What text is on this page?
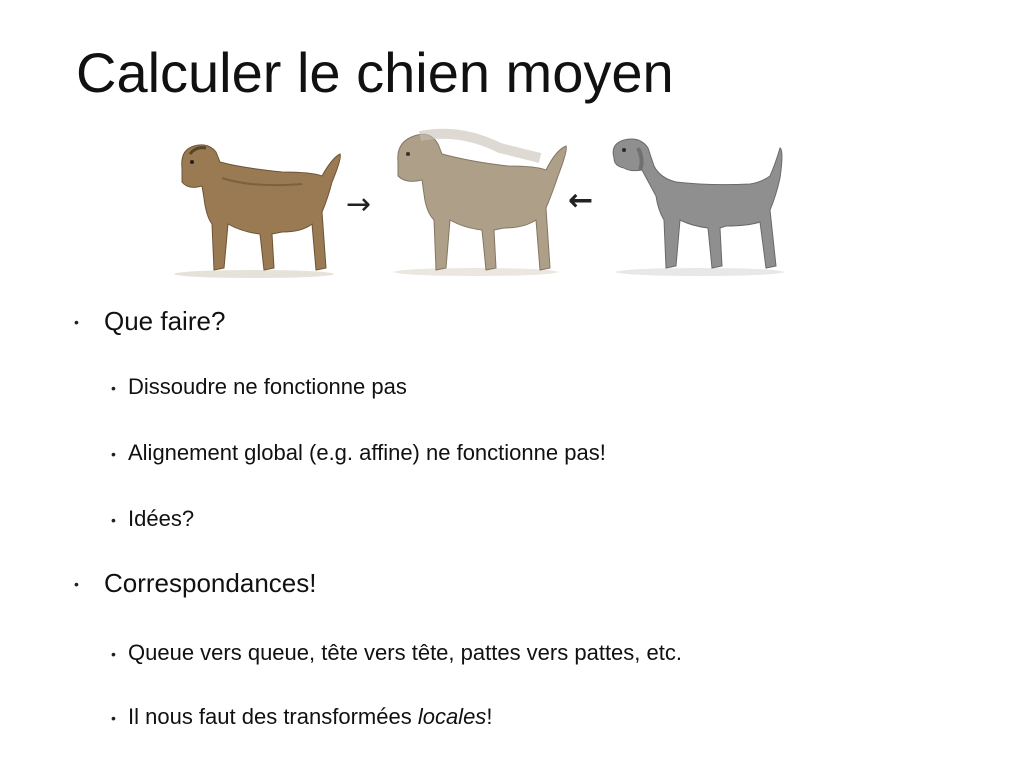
Calculer le chien moyen
→	←
• Que faire?
• Dissoudre ne fonctionne pas
• Alignement global (e.g. affine) ne fonctionne pas!
• Idées?
• Correspondances!
• Queue vers queue, tête vers tête, pattes vers pattes, etc.
• Il nous faut des transformées locales!
